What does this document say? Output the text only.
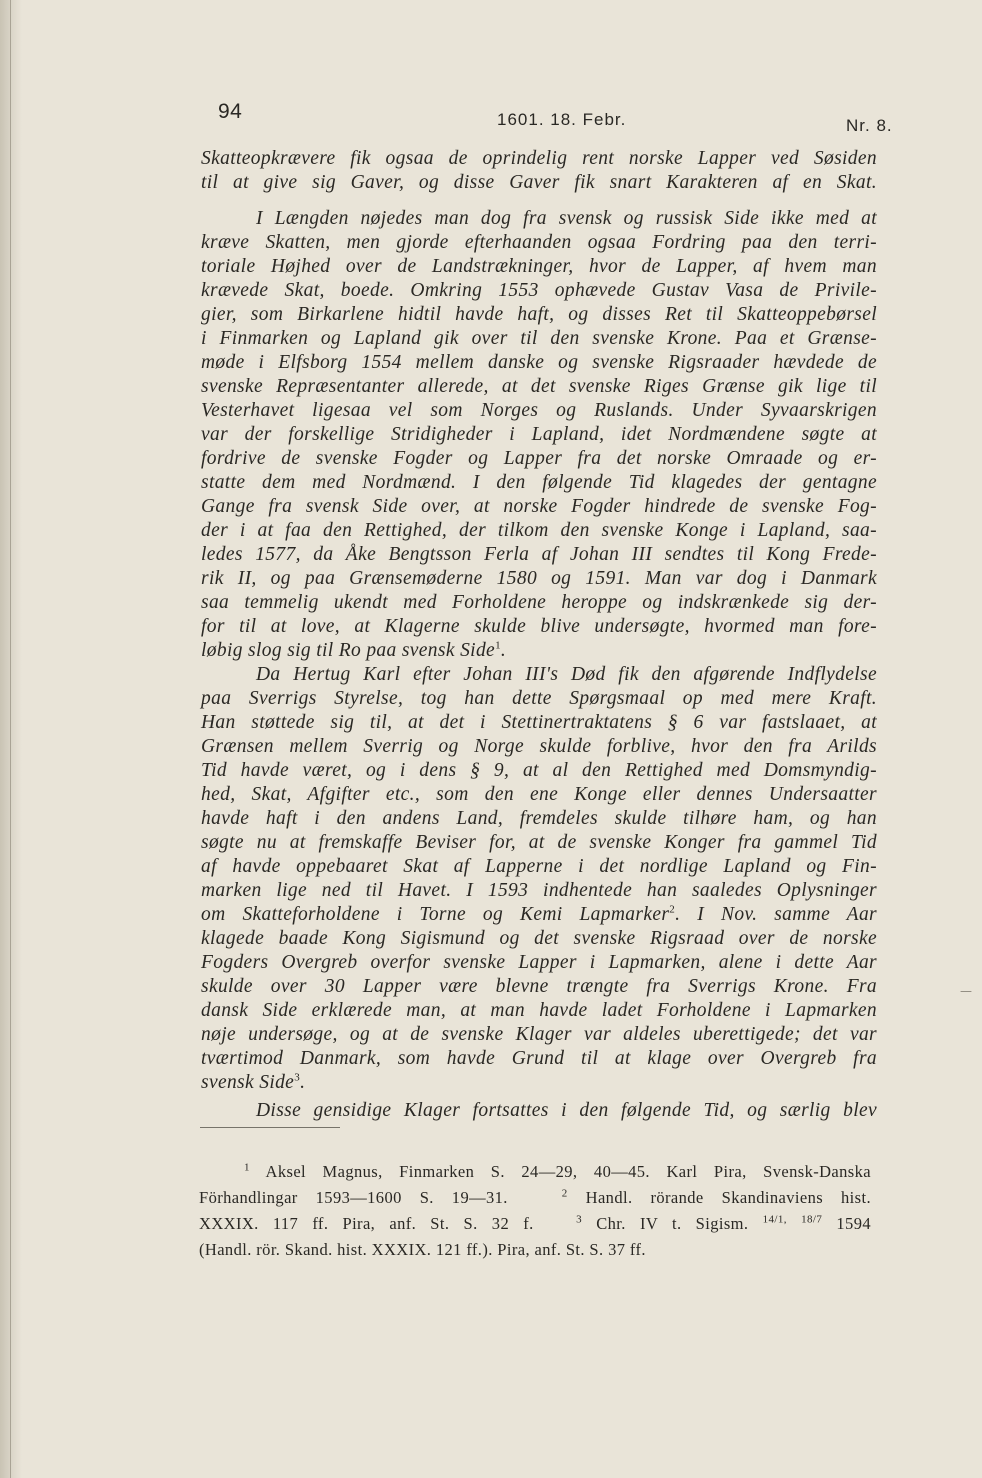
94	1601. 18. Febr.	Nr. 8.
Skatteopkrævere fik ogsaa de oprindelig rent norske Lapper ved Søsiden
til at give sig Gaver, og disse Gaver fik snart Karakteren af en Skat.
I Længden nøjedes man dog fra svensk og russisk Side ikke med at
kræve Skatten, men gjorde efterhaanden ogsaa Fordring paa den terri-
toriale Højhed over de Landstrækninger, hvor de Lapper, af hvem man
krævede Skat, boede. Omkring 1553 ophævede Gustav Vasa de Privile-
gier, som Birkarlene hidtil havde haft, og disses Ret til Skatteoppebørsel
i Finmarken og Lapland gik over til den svenske Krone. Paa et Grænse-
møde i Elfsborg 1554 mellem danske og svenske Rigsraader hævdede de
svenske Repræsentanter allerede, at det svenske Riges Grænse gik lige til
Vesterhavet ligesaa vel som Norges og Ruslands. Under Syvaarskrigen
var der forskellige Stridigheder i Lapland, idet Nordmændene søgte at
fordrive de svenske Fogder og Lapper fra det norske Omraade og er-
statte dem med Nordmænd. I den følgende Tid klagedes der gentagne
Gange fra svensk Side over, at norske Fogder hindrede de svenske Fog-
der i at faa den Rettighed, der tilkom den svenske Konge i Lapland, saa-
ledes 1577, da Åke Bengtsson Ferla af Johan III sendtes til Kong Frede-
rik II, og paa Grænsemøderne 1580 og 1591. Man var dog i Danmark
saa temmelig ukendt med Forholdene heroppe og indskrænkede sig der-
for til at love, at Klagerne skulde blive undersøgte, hvormed man fore-
løbig slog sig til Ro paa svensk Side$^1$.
Da Hertug Karl efter Johan III's Død fik den afgørende Indflydelse
paa Sverrigs Styrelse, tog han dette Spørgsmaal op med mere Kraft.
Han støttede sig til, at det i Stettinertraktatens § 6 var fastslaaet, at
Grænsen mellem Sverrig og Norge skulde forblive, hvor den fra Arilds
Tid havde været, og i dens § 9, at al den Rettighed med Domsmyndig-
hed, Skat, Afgifter etc., som den ene Konge eller dennes Undersaatter
havde haft i den andens Land, fremdeles skulde tilhøre ham, og han
søgte nu at fremskaffe Beviser for, at de svenske Konger fra gammel Tid
af havde oppebaaret Skat af Lapperne i det nordlige Lapland og Fin-
marken lige ned til Havet. I 1593 indhentede han saaledes Oplysninger
om Skatteforholdene i Torne og Kemi Lapmarker$^2$. I Nov. samme Aar
klagede baade Kong Sigismund og det svenske Rigsraad over de norske
Fogders Overgreb overfor svenske Lapper i Lapmarken, alene i dette Aar
skulde over 30 Lapper være blevne trængte fra Sverrigs Krone. Fra
dansk Side erklærede man, at man havde ladet Forholdene i Lapmarken
nøje undersøge, og at de svenske Klager var aldeles uberettigede; det var
tværtimod Danmark, som havde Grund til at klage over Overgreb fra
svensk Side$^3$.
Disse gensidige Klager fortsattes i den følgende Tid, og særlig blev
—
$^1$ Aksel Magnus, Finmarken S. 24—29, 40—45. Karl Pira, Svensk-Danska
Förhandlingar 1593—1600 S. 19—31.	$^2$ Handl. rörande Skandinaviens hist.
XXXIX. 117 ff. Pira, anf. St. S. 32 f.	$^3$ Chr. IV t. Sigism. $^{14/1,}$ $^{18/7}$ 1594
(Handl. rör. Skand. hist. XXXIX. 121 ff.). Pira, anf. St. S. 37 ff.
